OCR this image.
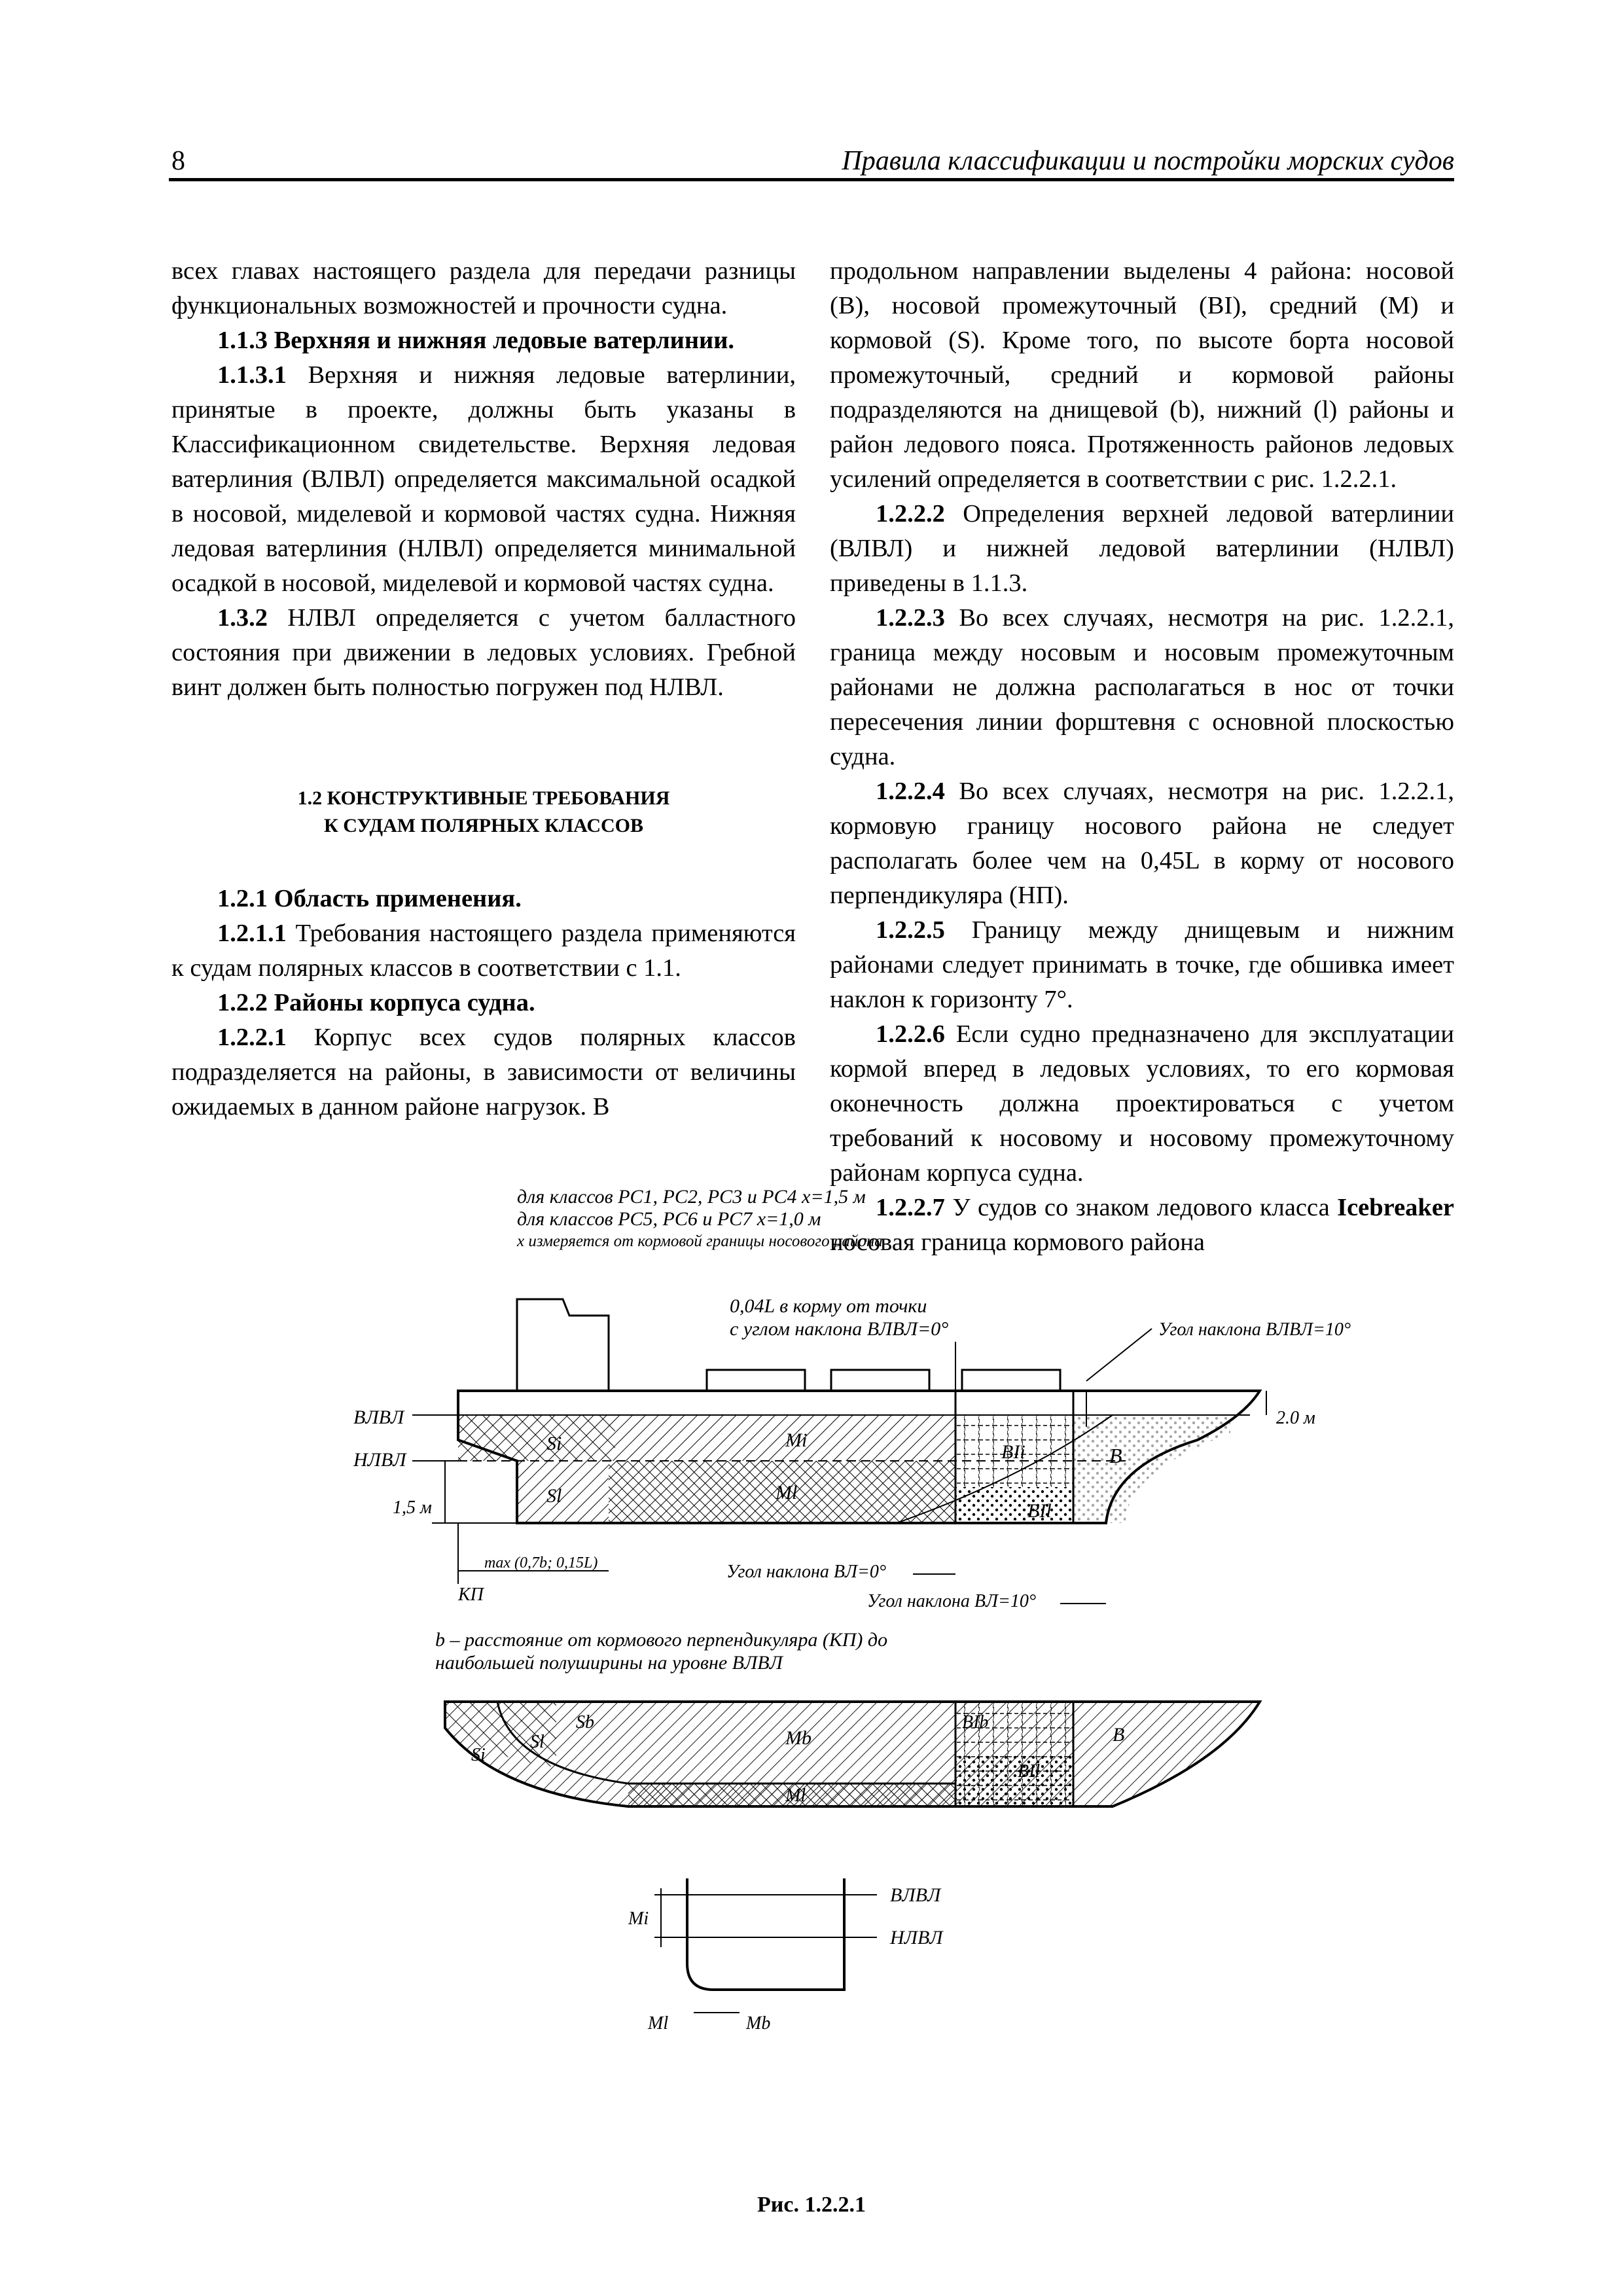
8	Правила классификации и постройки морских судов

всех главах настоящего раздела для передачи разницы функциональных возможностей и прочности судна.

1.1.3 Верхняя и нижняя ледовые ватерлинии.

1.1.3.1 Верхняя и нижняя ледовые ватерлинии, принятые в проекте, должны быть указаны в Классификационном свидетельстве. Верхняя ледовая ватерлиния (ВЛВЛ) определяется максимальной осадкой в носовой, миделевой и кормовой частях судна. Нижняя ледовая ватерлиния (НЛВЛ) определяется минимальной осадкой в носовой, миделевой и кормовой частях судна.

1.3.2 НЛВЛ определяется с учетом балластного состояния при движении в ледовых условиях. Гребной винт должен быть полностью погружен под НЛВЛ.

1.2 КОНСТРУКТИВНЫЕ ТРЕБОВАНИЯ
К СУДАМ ПОЛЯРНЫХ КЛАССОВ

1.2.1 Область применения.

1.2.1.1 Требования настоящего раздела применяются к судам полярных классов в соответствии с 1.1.

1.2.2 Районы корпуса судна.

1.2.2.1 Корпус всех судов полярных классов подразделяется на районы, в зависимости от величины ожидаемых в данном районе нагрузок. В

продольном направлении выделены 4 района: носовой (B), носовой промежуточный (BI), средний (M) и кормовой (S). Кроме того, по высоте борта носовой промежуточный, средний и кормовой районы подразделяются на днищевой (b), нижний (l) районы и район ледового пояса. Протяженность районов ледовых усилений определяется в соответствии с рис. 1.2.2.1.

1.2.2.2 Определения верхней ледовой ватерлинии (ВЛВЛ) и нижней ледовой ватерлинии (НЛВЛ) приведены в 1.1.3.

1.2.2.3 Во всех случаях, несмотря на рис. 1.2.2.1, граница между носовым и носовым промежуточным районами не должна располагаться в нос от точки пересечения линии форштевня с основной плоскостью судна.

1.2.2.4 Во всех случаях, несмотря на рис. 1.2.2.1, кормовую границу носового района не следует располагать более чем на 0,45L в корму от носового перпендикуляра (НП).

1.2.2.5 Границу между днищевым и нижним районами следует принимать в точке, где обшивка имеет наклон к горизонту 7°.

1.2.2.6 Если судно предназначено для эксплуатации кормой вперед в ледовых условиях, то его кормовая оконечность должна проектироваться с учетом требований к носовому и носовому промежуточному районам корпуса судна.

1.2.2.7 У судов со знаком ледового класса Icebreaker носовая граница кормового района

для классов PC1, PC2, PC3 и PC4 x=1,5 м
для классов PC5, PC6 и PC7 x=1,0 м
x измеряется от кормовой границы носового района
Si
Sl
Mi
Ml
BIi
BIl
B
ВЛВЛ
НЛВЛ
1,5 м
2.0 м
max (0,7b; 0,15L)
КП
Угол наклона ВЛ=0°
Угол наклона ВЛ=10°
0,04L в корму от точки
с углом наклона ВЛВЛ=0°	Угол наклона ВЛВЛ=10°
b – расстояние от кормового перпендикуляра (КП) до
наибольшей полуширины на уровне ВЛВЛ
Sb
Sl
Si
Mb
Ml
BIb
BIl
B
ВЛВЛ
НЛВЛ
Mi
Ml	Mb
Рис. 1.2.2.1
